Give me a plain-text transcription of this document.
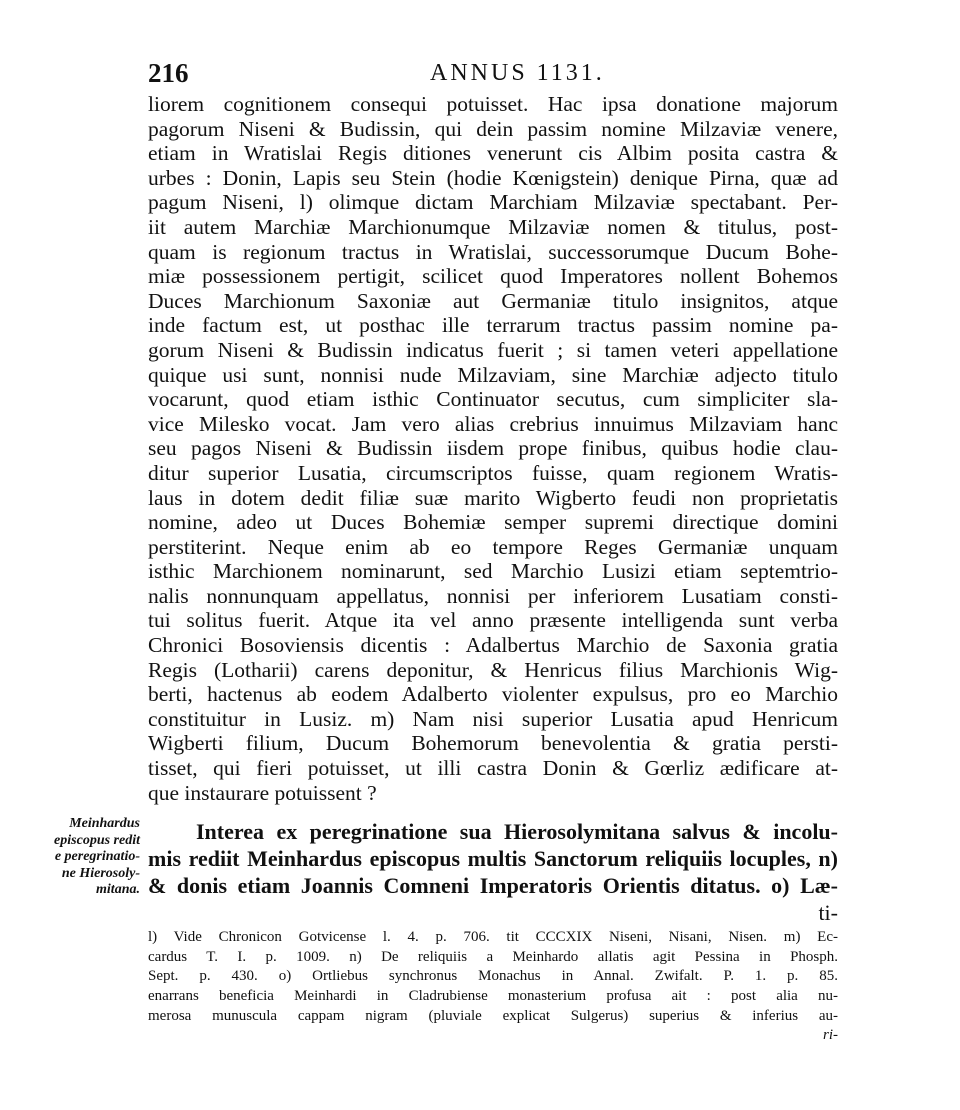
216	ANNUS 1131.
liorem cognitionem consequi potuisset. Hac ipsa donatione majorum
pagorum Niseni & Budissin, qui dein passim nomine Milzaviæ venere,
etiam in Wratislai Regis ditiones venerunt cis Albim posita castra &
urbes : Donin, Lapis seu Stein (hodie Kœnigstein) denique Pirna, quæ ad
pagum Niseni, l) olimque dictam Marchiam Milzaviæ spectabant. Per-
iit autem Marchiæ Marchionumque Milzaviæ nomen & titulus, post-
quam is regionum tractus in Wratislai, successorumque Ducum Bohe-
miæ possessionem pertigit, scilicet quod Imperatores nollent Bohemos
Duces Marchionum Saxoniæ aut Germaniæ titulo insignitos, atque
inde factum est, ut posthac ille terrarum tractus passim nomine pa-
gorum Niseni & Budissin indicatus fuerit ; si tamen veteri appellatione
quique usi sunt, nonnisi nude Milzaviam, sine Marchiæ adjecto titulo
vocarunt, quod etiam isthic Continuator secutus, cum simpliciter sla-
vice Milesko vocat. Jam vero alias crebrius innuimus Milzaviam hanc
seu pagos Niseni & Budissin iisdem prope finibus, quibus hodie clau-
ditur superior Lusatia, circumscriptos fuisse, quam regionem Wratis-
laus in dotem dedit filiæ suæ marito Wigberto feudi non proprietatis
nomine, adeo ut Duces Bohemiæ semper supremi directique domini
perstiterint. Neque enim ab eo tempore Reges Germaniæ unquam
isthic Marchionem nominarunt, sed Marchio Lusizi etiam septemtrio-
nalis nonnunquam appellatus, nonnisi per inferiorem Lusatiam consti-
tui solitus fuerit. Atque ita vel anno præsente intelligenda sunt verba
Chronici Bosoviensis dicentis : Adalbertus Marchio de Saxonia gratia
Regis (Lotharii) carens deponitur, & Henricus filius Marchionis Wig-
berti, hactenus ab eodem Adalberto violenter expulsus, pro eo Marchio
constituitur in Lusiz. m) Nam nisi superior Lusatia apud Henricum
Wigberti filium, Ducum Bohemorum benevolentia & gratia persti-
tisset, qui fieri potuisset, ut illi castra Donin & Gœrliz ædificare at-
que instaurare potuissent ?
Meinhardus
episcopus redit
e peregrinatio-
ne Hierosoly-
mitana.
Interea ex peregrinatione sua Hierosolymitana salvus & incolu-
mis rediit Meinhardus episcopus multis Sanctorum reliquiis locuples, n)
& donis etiam Joannis Comneni Imperatoris Orientis ditatus. o) Læ-
ti-
l) Vide Chronicon Gotvicense l. 4. p. 706. tit CCCXIX Niseni, Nisani, Nisen. m) Ec-
cardus T. I. p. 1009. n) De reliquiis a Meinhardo allatis agit Pessina in Phosph.
Sept. p. 430. o) Ortliebus synchronus Monachus in Annal. Zwifalt. P. 1. p. 85.
enarrans beneficia Meinhardi in Cladrubiense monasterium profusa ait : post alia nu-
merosa munuscula cappam nigram (pluviale explicat Sulgerus) superius & inferius au-
ri-
